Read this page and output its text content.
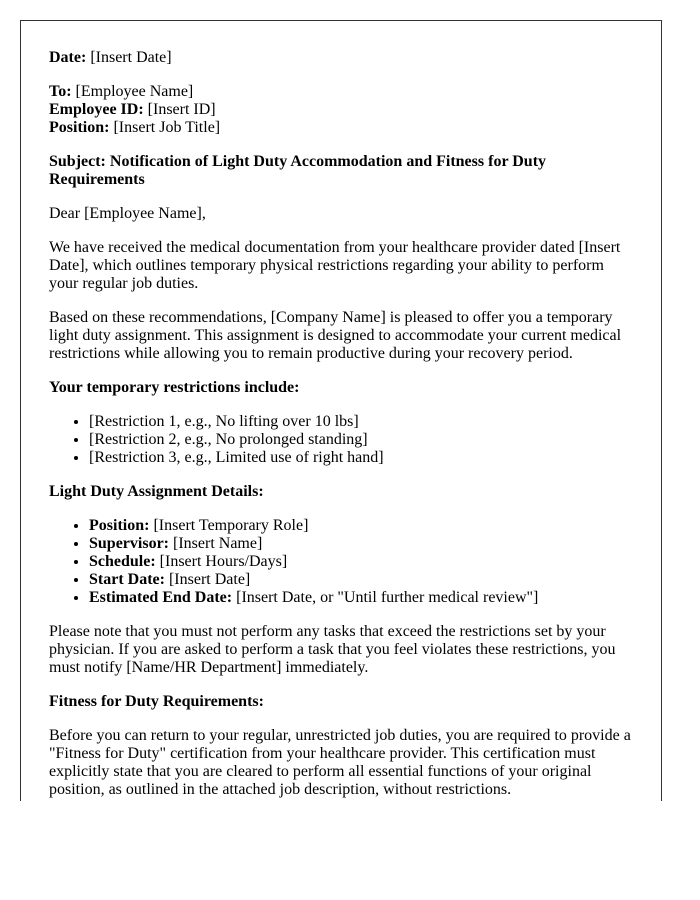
Date: [Insert Date]

To: [Employee Name]
Employee ID: [Insert ID]
Position: [Insert Job Title]

Subject: Notification of Light Duty Accommodation and Fitness for Duty Requirements

Dear [Employee Name],

We have received the medical documentation from your healthcare provider dated [Insert Date], which outlines temporary physical restrictions regarding your ability to perform your regular job duties.

Based on these recommendations, [Company Name] is pleased to offer you a temporary light duty assignment. This assignment is designed to accommodate your current medical restrictions while allowing you to remain productive during your recovery period.

Your temporary restrictions include:

• [Restriction 1, e.g., No lifting over 10 lbs]
• [Restriction 2, e.g., No prolonged standing]
• [Restriction 3, e.g., Limited use of right hand]

Light Duty Assignment Details:

• Position: [Insert Temporary Role]
• Supervisor: [Insert Name]
• Schedule: [Insert Hours/Days]
• Start Date: [Insert Date]
• Estimated End Date: [Insert Date, or "Until further medical review"]

Please note that you must not perform any tasks that exceed the restrictions set by your physician. If you are asked to perform a task that you feel violates these restrictions, you must notify [Name/HR Department] immediately.

Fitness for Duty Requirements:

Before you can return to your regular, unrestricted job duties, you are required to provide a "Fitness for Duty" certification from your healthcare provider. This certification must explicitly state that you are cleared to perform all essential functions of your original position, as outlined in the attached job description, without restrictions.
